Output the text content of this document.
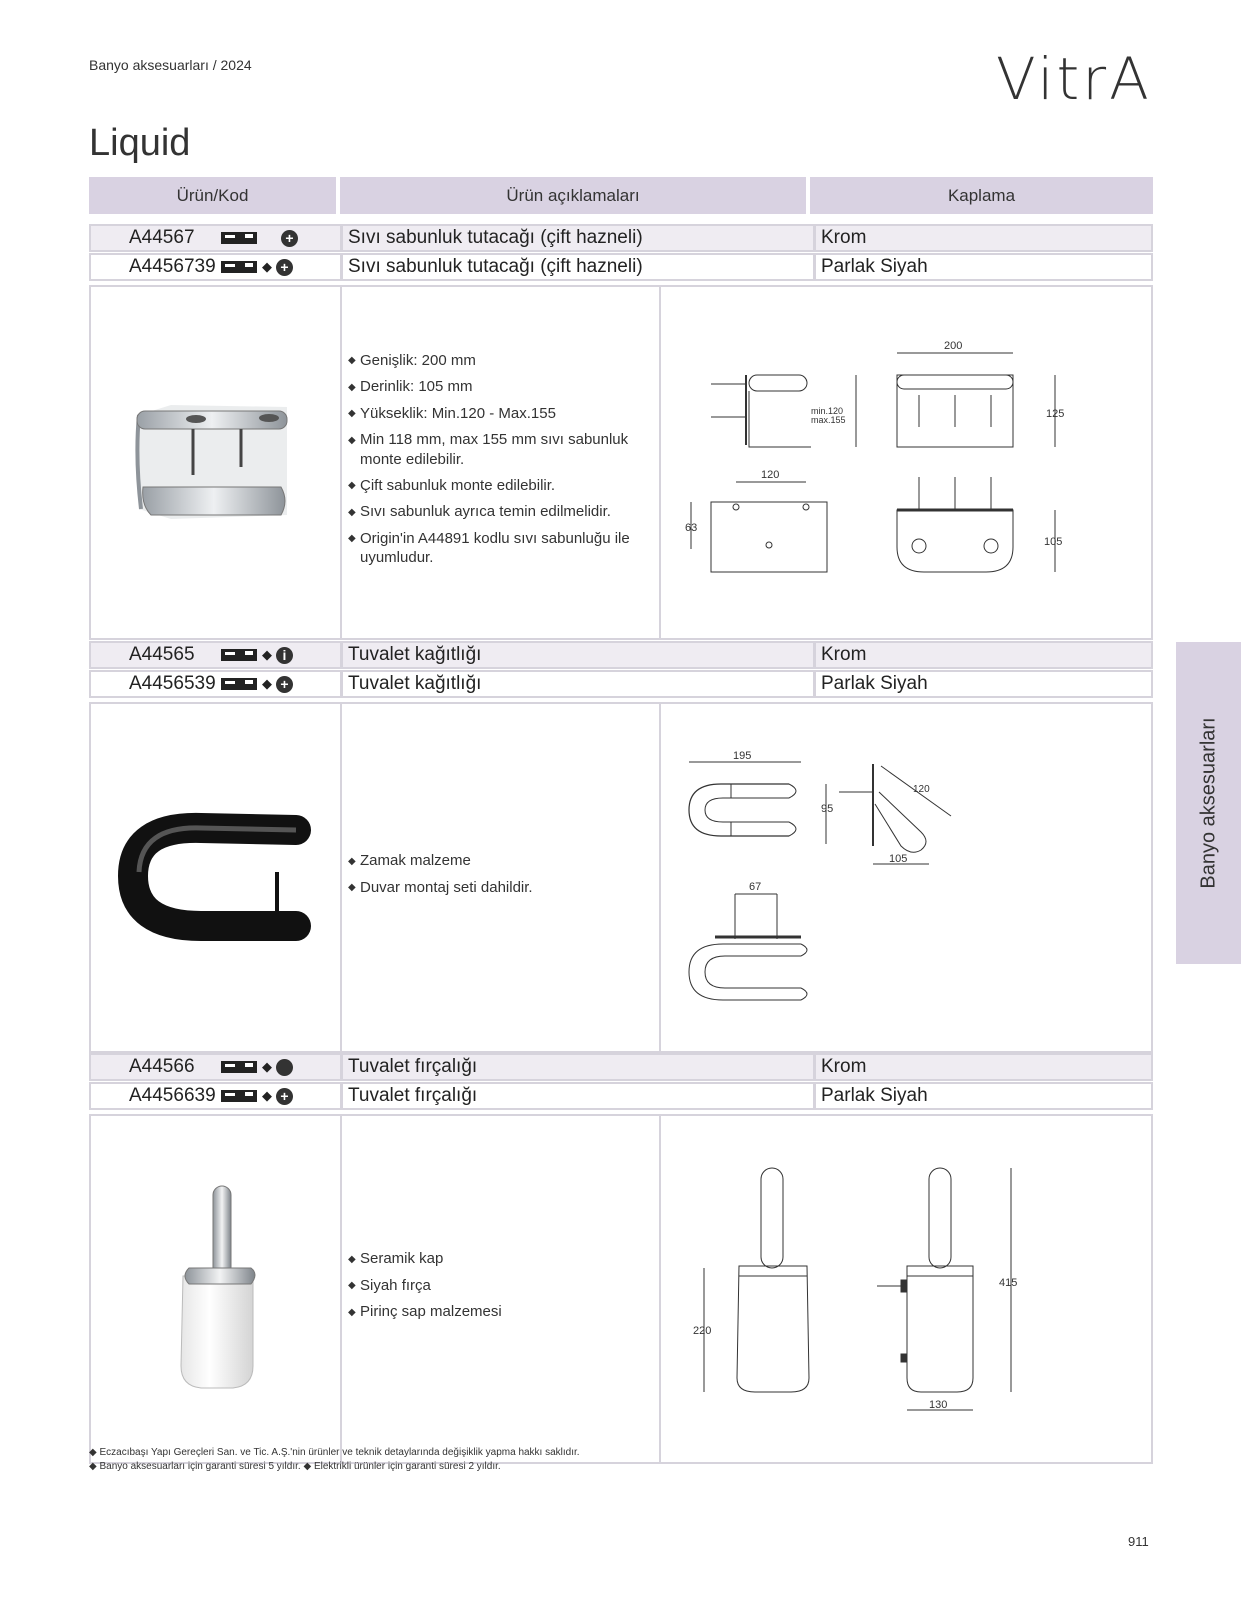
Banyo aksesuarları / 2024	VitrA
Liquid
Ürün/Kod	Ürün açıklamaları	Kaplama
Banyo aksesuarları
A44567	+	Sıvı sabunluk tutacağı (çift hazneli)	Krom
A4456739	◆ +	Sıvı sabunluk tutacağı (çift hazneli)	Parlak Siyah
◆ Genişlik: 200 mm
◆ Derinlik: 105 mm
◆ Yükseklik: Min.120 - Max.155
◆ Min 118 mm, max 155 mm sıvı sabunluk monte edilebilir.
◆ Çift sabunluk monte edilebilir.
◆ Sıvı sabunluk ayrıca temin edilmelidir.
◆ Origin'in A44891 kodlu sıvı sabunluğu ile uyumludur.
min.120
max.155
200
125
120
63
105
A44565	◆ i	Tuvalet kağıtlığı	Krom
A4456539	◆ +	Tuvalet kağıtlığı	Parlak Siyah
◆ Zamak malzeme
◆ Duvar montaj seti dahildir.
195
120
95
105
67
A44566	◆	Tuvalet fırçalığı	Krom
A4456639	◆ +	Tuvalet fırçalığı	Parlak Siyah
◆ Seramik kap
◆ Siyah fırça
◆ Pirinç sap malzemesi
220
415
130
◆ Eczacıbaşı Yapı Gereçleri San. ve Tic. A.Ş.'nin ürünler ve teknik detaylarında değişiklik yapma hakkı saklıdır.
◆ Banyo aksesuarları için garanti süresi 5 yıldır. ◆ Elektrikli ürünler için garanti süresi 2 yıldır.
911
